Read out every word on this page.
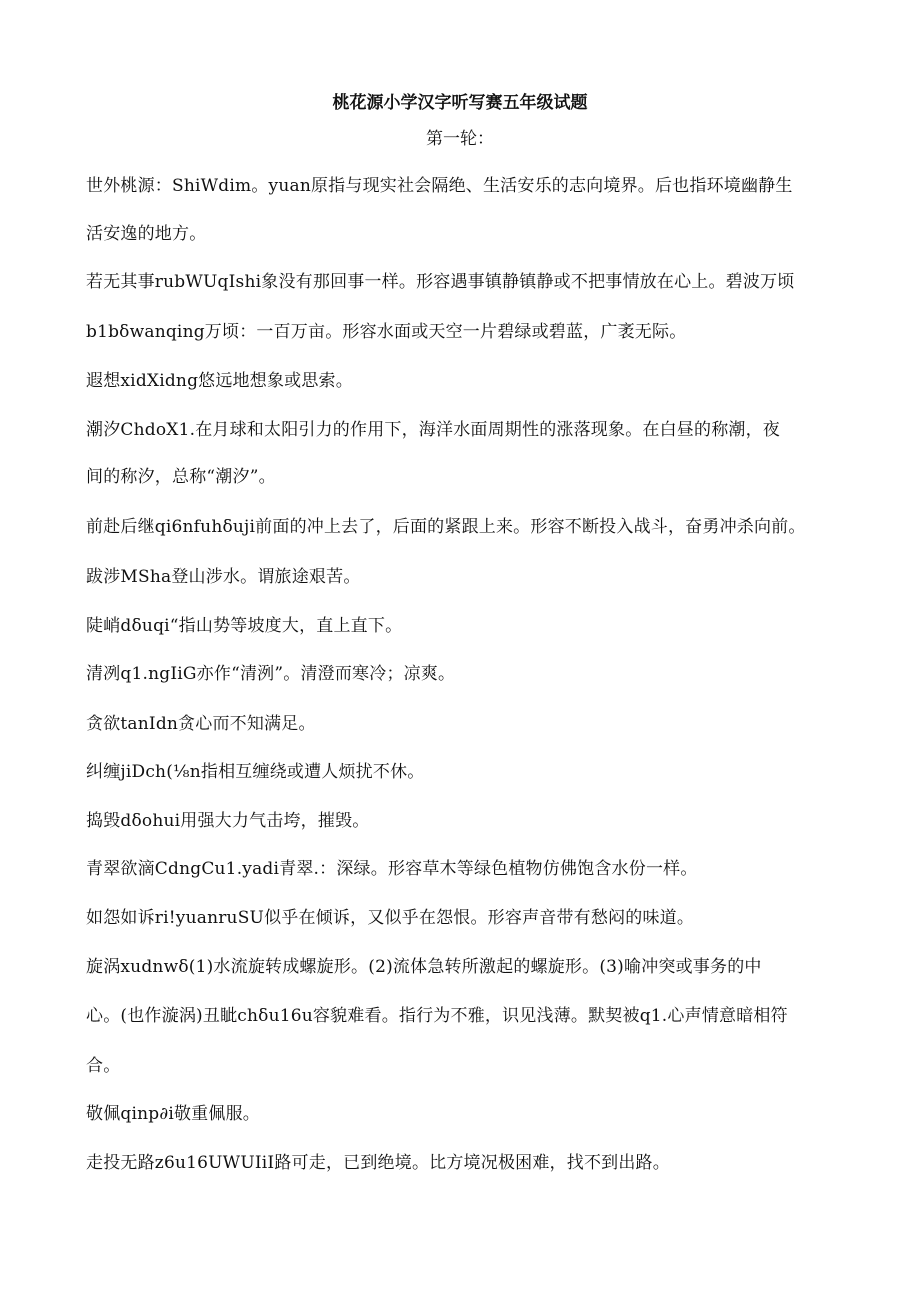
桃花源小学汉字听写赛五年级试题
第一轮：
世外桃源：ShiWdim。yuan原指与现实社会隔绝、生活安乐的志向境界。后也指环境幽静生
活安逸的地方。
若无其事rubWUqIshi象没有那回事一样。形容遇事镇静镇静或不把事情放在心上。碧波万顷
b1bδwanqing万顷：一百万亩。形容水面或天空一片碧绿或碧蓝，广袤无际。
遐想xidXidng悠远地想象或思索。
潮汐ChdoX1.在月球和太阳引力的作用下，海洋水面周期性的涨落现象。在白昼的称潮，夜
间的称汐，总称“潮汐”。
前赴后继qi6nfuhδuji前面的冲上去了，后面的紧跟上来。形容不断投入战斗，奋勇冲杀向前。
跋涉MSha登山涉水。谓旅途艰苦。
陡峭dδuqi“指山势等坡度大，直上直下。
清冽q1.ngIiG亦作“清洌”。清澄而寒冷；凉爽。
贪欲tanIdn贪心而不知满足。
纠缠jiDch(⅛n指相互缠绕或遭人烦扰不休。
捣毁dδohui用强大力气击垮，摧毁。
青翠欲滴CdngCu1.yadi青翠.：深绿。形容草木等绿色植物仿佛饱含水份一样。
如怨如诉ri!yuanruSU似乎在倾诉，又似乎在怨恨。形容声音带有愁闷的味道。
旋涡xudnwδ(1)水流旋转成螺旋形。(2)流体急转所激起的螺旋形。(3)喻冲突或事务的中
心。(也作漩涡)丑眦chδu16u容貌难看。指行为不雅，识见浅薄。默契被q1.心声情意暗相符
合。
敬佩qinp∂i敬重佩服。
走投无路z6u16UWUIiI路可走，已到绝境。比方境况极困难，找不到出路。
